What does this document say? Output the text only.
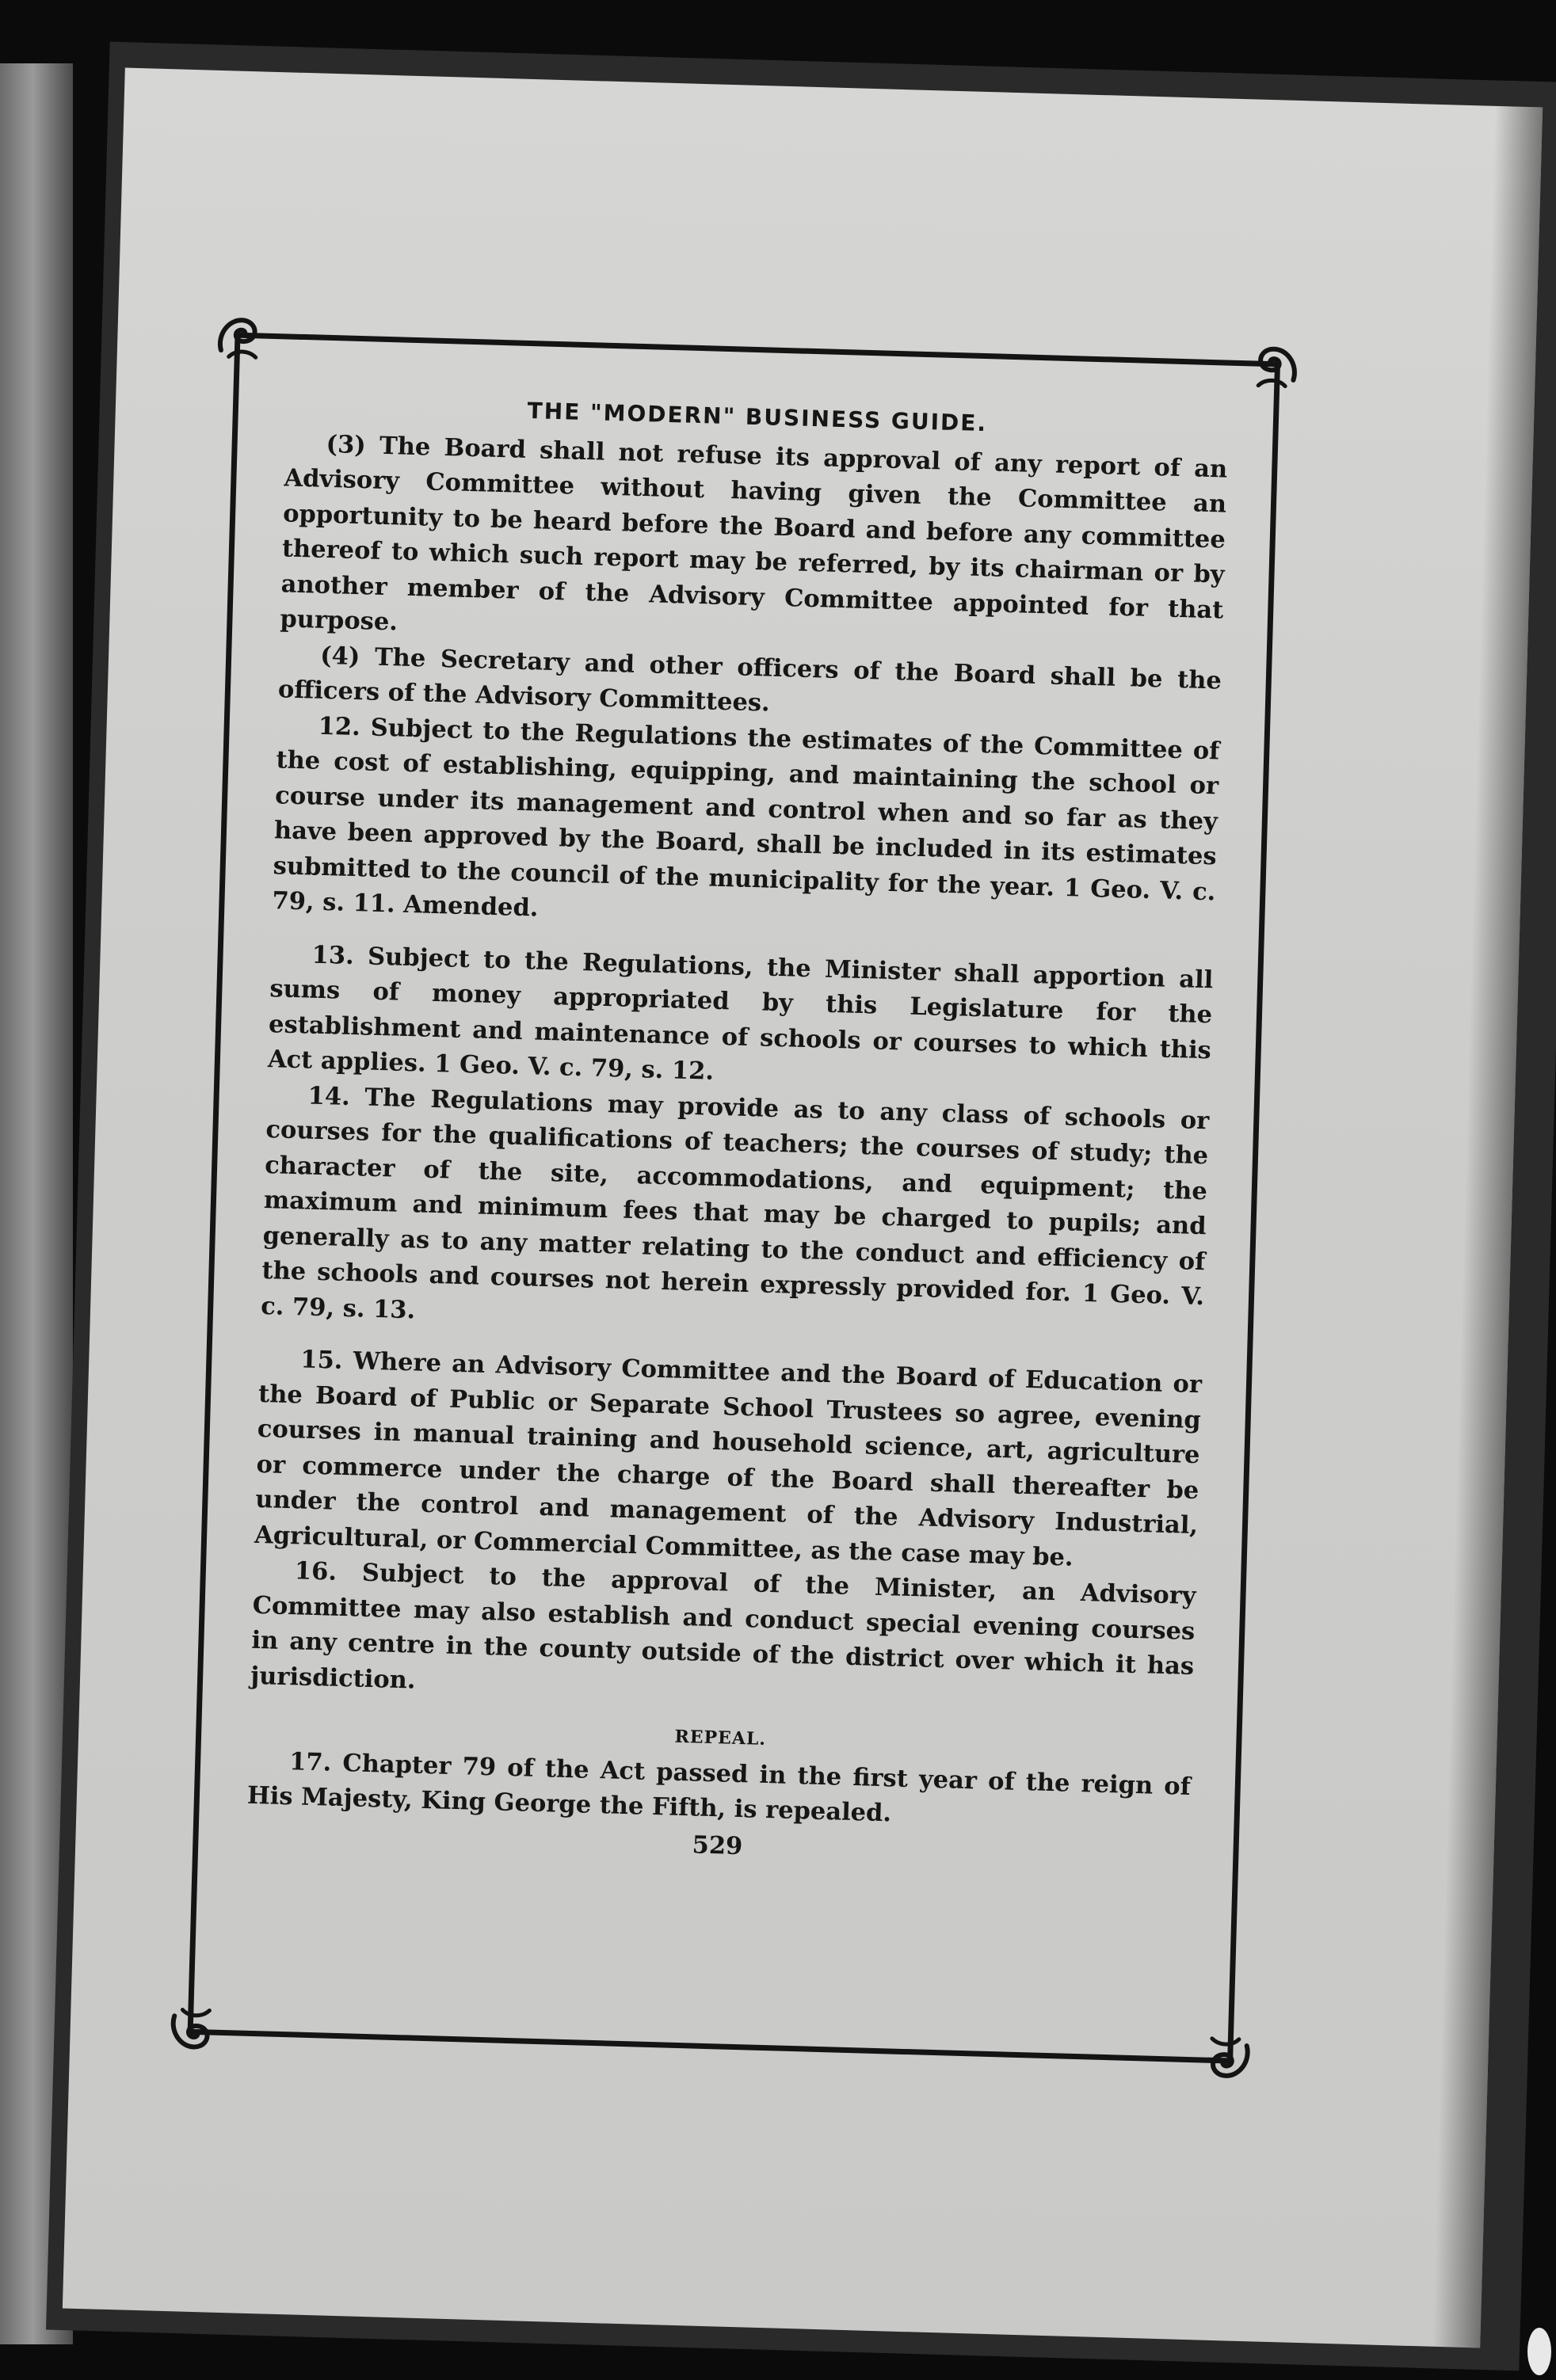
THE "MODERN" BUSINESS GUIDE.

(3) The Board shall not refuse its approval of any report of an Advisory Committee without having given the Committee an opportunity to be heard before the Board and before any committee thereof to which such report may be referred, by its chairman or by another member of the Advisory Committee appointed for that purpose.

(4) The Secretary and other officers of the Board shall be the officers of the Advisory Committees.

12. Subject to the Regulations the estimates of the Committee of the cost of establishing, equipping, and maintaining the school or course under its management and control when and so far as they have been approved by the Board, shall be included in its estimates submitted to the council of the municipality for the year. 1 Geo. V. c. 79, s. 11. Amended.

13. Subject to the Regulations, the Minister shall apportion all sums of money appropriated by this Legislature for the establishment and maintenance of schools or courses to which this Act applies. 1 Geo. V. c. 79, s. 12.

14. The Regulations may provide as to any class of schools or courses for the qualifications of teachers; the courses of study; the character of the site, accommodations, and equipment; the maximum and minimum fees that may be charged to pupils; and generally as to any matter relating to the conduct and efficiency of the schools and courses not herein expressly provided for. 1 Geo. V. c. 79, s. 13.

15. Where an Advisory Committee and the Board of Education or the Board of Public or Separate School Trustees so agree, evening courses in manual training and household science, art, agriculture or commerce under the charge of the Board shall thereafter be under the control and management of the Advisory Industrial, Agricultural, or Commercial Committee, as the case may be.

16. Subject to the approval of the Minister, an Advisory Committee may also establish and conduct special evening courses in any centre in the county outside of the district over which it has jurisdiction.

REPEAL.

17. Chapter 79 of the Act passed in the first year of the reign of His Majesty, King George the Fifth, is repealed.

529
